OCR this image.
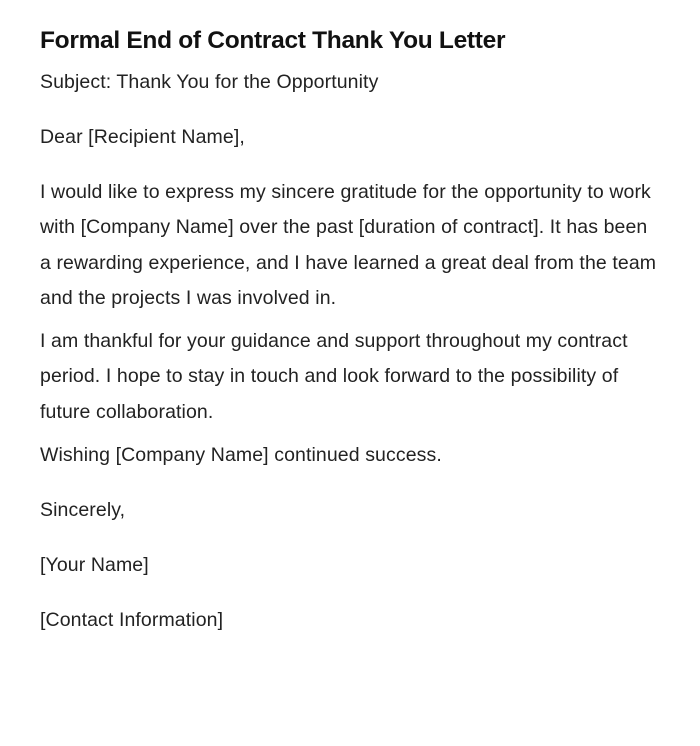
Formal End of Contract Thank You Letter

Subject: Thank You for the Opportunity

Dear [Recipient Name],

I would like to express my sincere gratitude for the opportunity to work with [Company Name] over the past [duration of contract]. It has been a rewarding experience, and I have learned a great deal from the team and the projects I was involved in.

I am thankful for your guidance and support throughout my contract period. I hope to stay in touch and look forward to the possibility of future collaboration.

Wishing [Company Name] continued success.

Sincerely,

[Your Name]

[Contact Information]
